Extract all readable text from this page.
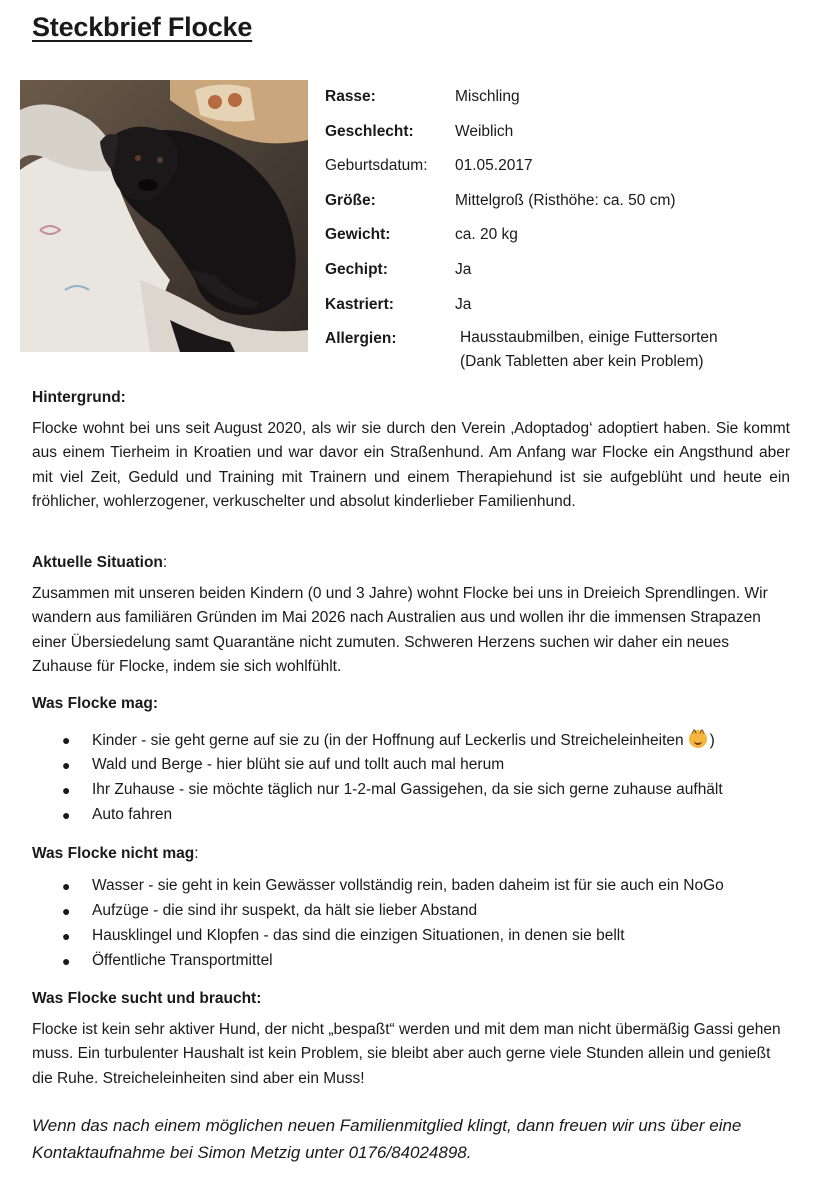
Steckbrief Flocke
Rasse:	Mischling
Geschlecht:	Weiblich
Geburtsdatum:	01.05.2017
Größe:	Mittelgroß (Risthöhe: ca. 50 cm)
Gewicht:	ca. 20 kg
Gechipt:	Ja
Kastriert:	Ja
Allergien:	Hausstaubmilben, einige Futtersorten
(Dank Tabletten aber kein Problem)
Hintergrund:

Flocke wohnt bei uns seit August 2020, als wir sie durch den Verein ‚Adoptadog‘ adoptiert haben. Sie kommt aus einem Tierheim in Kroatien und war davor ein Straßenhund. Am Anfang war Flocke ein Angsthund aber mit viel Zeit, Geduld und Training mit Trainern und einem Therapiehund ist sie aufgeblüht und heute ein fröhlicher, wohlerzogener, verkuschelter und absolut kinderlieber Familienhund.

Aktuelle Situation:

Zusammen mit unseren beiden Kindern (0 und 3 Jahre) wohnt Flocke bei uns in Dreieich Sprendlingen. Wir wandern aus familiären Gründen im Mai 2026 nach Australien aus und wollen ihr die immensen Strapazen einer Übersiedelung samt Quarantäne nicht zumuten. Schweren Herzens suchen wir daher ein neues Zuhause für Flocke, indem sie sich wohlfühlt.

Was Flocke mag:
●	Kinder - sie geht gerne auf sie zu (in der Hoffnung auf Leckerlis und Streicheleinheiten^ ^ )
●	Wald und Berge - hier blüht sie auf und tollt auch mal herum
●	Ihr Zuhause - sie möchte täglich nur 1-2-mal Gassigehen, da sie sich gerne zuhause aufhält
●	Auto fahren
Was Flocke nicht mag:
●	Wasser - sie geht in kein Gewässer vollständig rein, baden daheim ist für sie auch ein NoGo
●	Aufzüge - die sind ihr suspekt, da hält sie lieber Abstand
●	Hausklingel und Klopfen - das sind die einzigen Situationen, in denen sie bellt
●	Öffentliche Transportmittel
Was Flocke sucht und braucht:

Flocke ist kein sehr aktiver Hund, der nicht „bespaßt“ werden und mit dem man nicht übermäßig Gassi gehen muss. Ein turbulenter Haushalt ist kein Problem, sie bleibt aber auch gerne viele Stunden allein und genießt die Ruhe. Streicheleinheiten sind aber ein Muss!

Wenn das nach einem möglichen neuen Familienmitglied klingt, dann freuen wir uns über eine Kontaktaufnahme bei Simon Metzig unter 0176/84024898.
